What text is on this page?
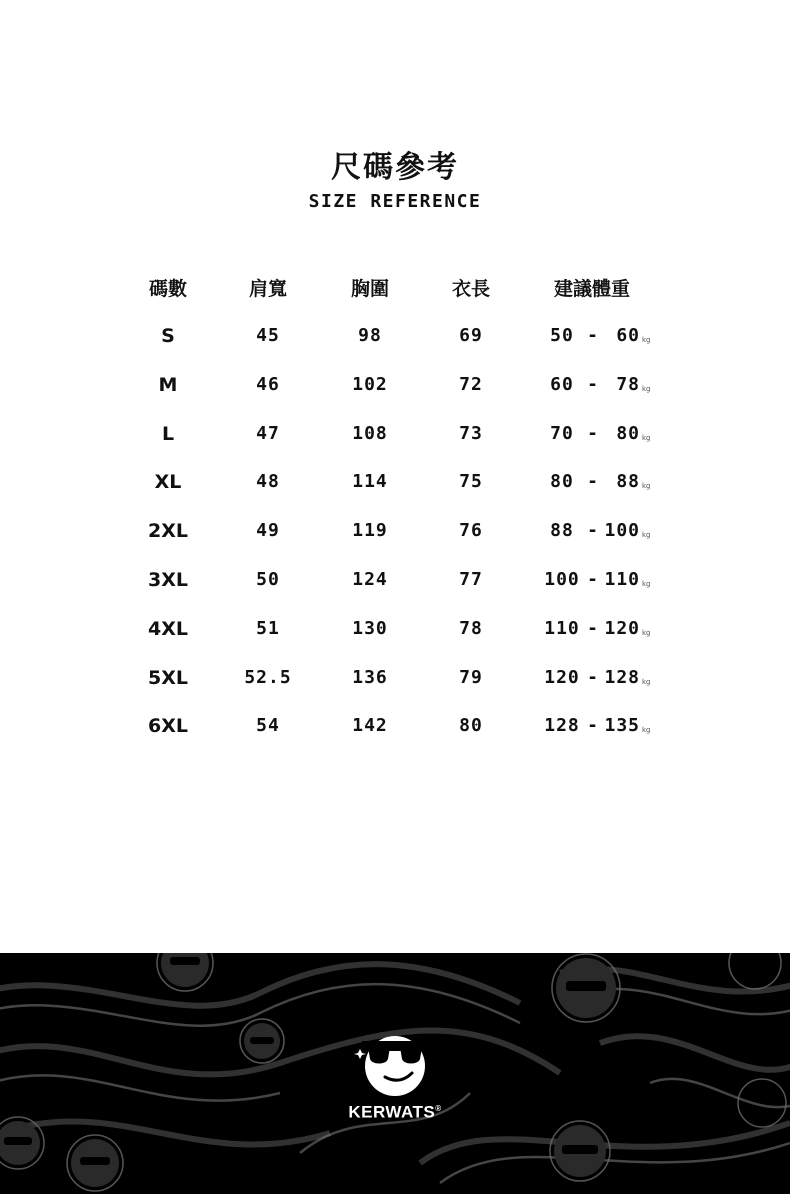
尺碼參考
SIZE REFERENCE
碼數	肩寬	胸圍	衣長	建議體重
S	45	98	69	50 - 60 kg
M	46	102	72	60 - 78 kg
L	47	108	73	70 - 80 kg
XL	48	114	75	80 - 88 kg
2XL	49	119	76	88 - 100 kg
3XL	50	124	77	100 - 110 kg
4XL	51	130	78	110 - 120 kg
5XL	52.5	136	79	120 - 128 kg
6XL	54	142	80	128 - 135 kg
KERWATS®
